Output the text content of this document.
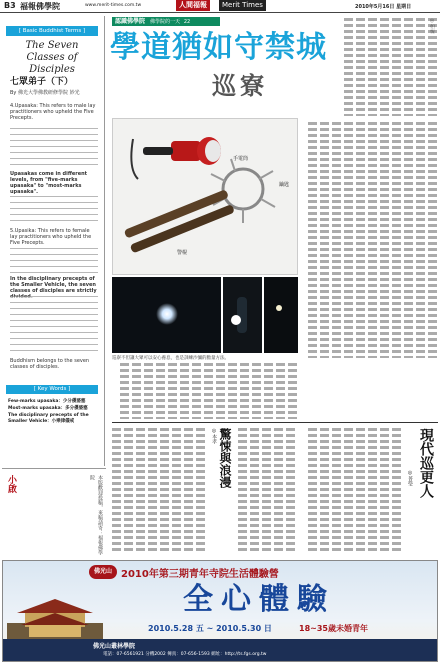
B3 福報佛學院	www.merit-times.com.tw	人間福報	Merit Times	2010年5月16日 星期日
[ Basic Buddhist Terms ]
The Seven Classes of Disciples
七眾弟子（下）
By 佛光大學佛教研修學院 妙光
4.Upasaka: This refers to male lay practitioners who upheld the Five Precepts.
Upasakas come in different levels, from "five-marks upasaka" to "most-marks upasaka".
5.Upasika: This refers to female lay practitioners who upheld the Five Precepts.
In the disciplinary precepts of the Smaller Vehicle, the seven classes of disciples are strictly
Buddhism belongs to the seven classes of disciples.
[ Key Words ]
Few-marks upasaka：少分優婆塞
Most-marks upasaka：多分優婆塞
The disciplinary precepts of the Smaller Vehicle：小乘律儀戒
認識佛學院 佛學院的一天 22
學道猶如守禁城
巡寮
手電筒
鑰匙
警棍
巡寮不但讓大眾可以安心養息，也是訓練沙彌的膽量方法。
現代巡更人
◎普瑩
驚悚與浪漫
◎本孝
小啟	本版歡迎投稿，來稿請寄：福報佛學院
佛光山 2010年第三期青年寺院生活體驗營
全心體驗
2010.5.28 五 ~ 2010.5.30 日	18~35歲未婚青年
佛光山叢林學院
電話：07-6561921 分機2002 傳真：07-656-1593 網址：http://ts.fgs.org.tw
